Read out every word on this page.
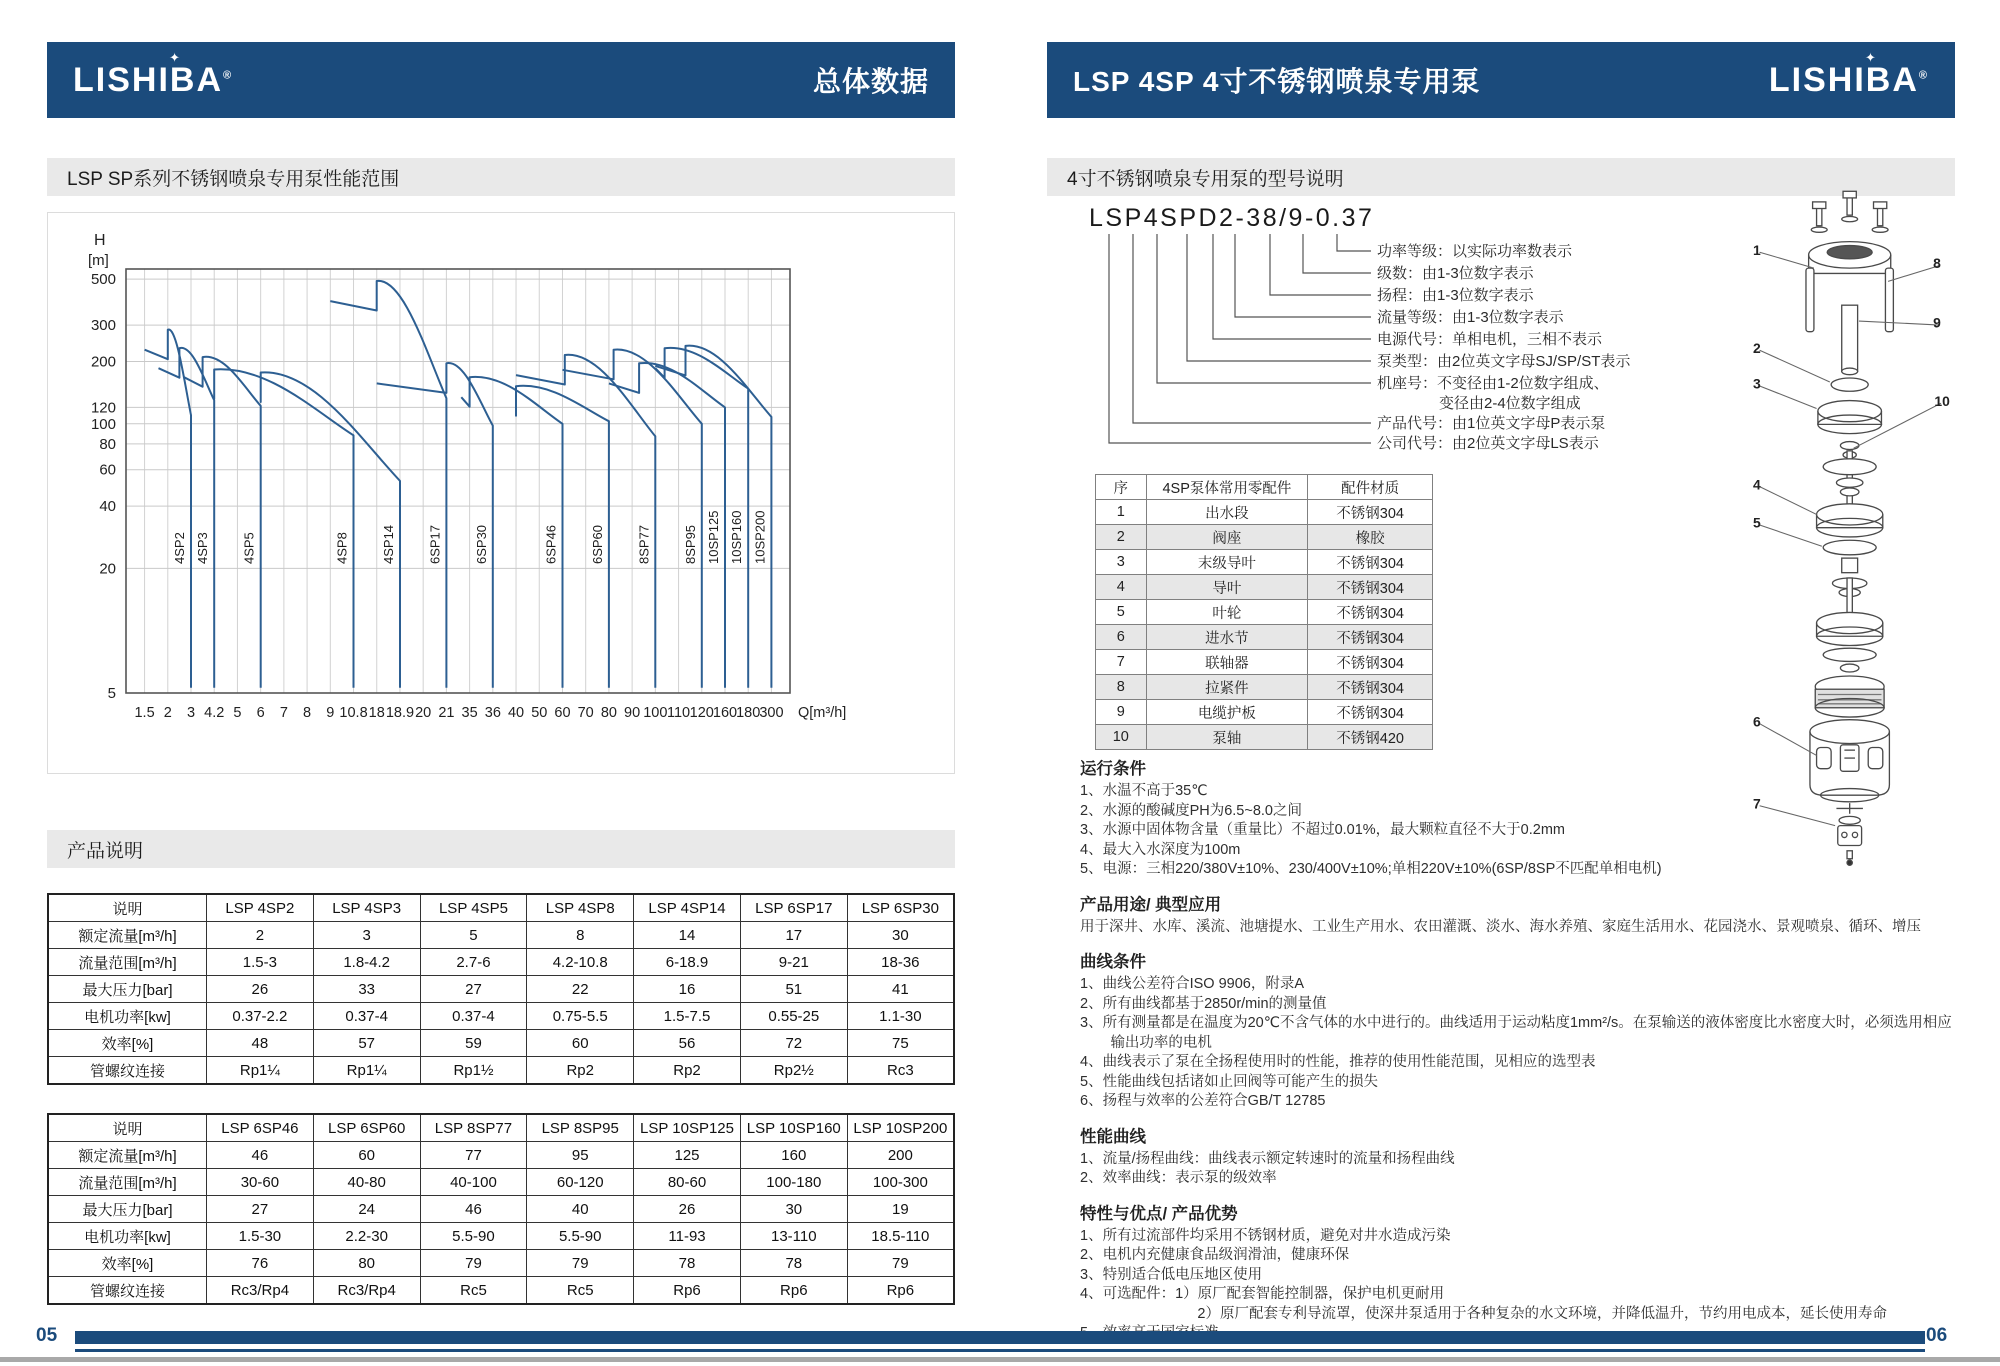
LISHIBA®
✦
总体数据	LSP 4SP 4寸不锈钢喷泉专用泵	LISHIBA®
✦
LSP SP系列不锈钢喷泉专用泵性能范围
产品说明
H
[m]
500
300
200
120
100
80
60
40
20
5
1.5 2 3 4.2 5 6 7 8 9 10.8 18 18.9 20 21 35 36 40 50 60 70 80 90 100 110 120 160 180 300 Q[m³/h]
4SP2 4SP3 4SP5	4SP8 4SP14 6SP17 6SP30	6SP46 6SP60 8SP77 8SP95 10SP125 10SP160 10SP200
说明	LSP 4SP2	LSP 4SP3	LSP 4SP5	LSP 4SP8	LSP 4SP14	LSP 6SP17	LSP 6SP30
额定流量[m³/h]	2	3	5	8	14	17	30
流量范围[m³/h]	1.5-3	1.8-4.2	2.7-6	4.2-10.8	6-18.9	9-21	18-36
最大压力[bar]	26	33	27	22	16	51	41
电机功率[kw]	0.37-2.2	0.37-4	0.37-4	0.75-5.5	1.5-7.5	0.55-25	1.1-30
效率[%]	48	57	59	60	56	72	75
管螺纹连接	Rp1¼	Rp1¼	Rp1½	Rp2	Rp2	Rp2½	Rc3
说明	LSP 6SP46	LSP 6SP60	LSP 8SP77	LSP 8SP95	LSP 10SP125	LSP 10SP160	LSP 10SP200
额定流量[m³/h]	46	60	77	95	125	160	200
流量范围[m³/h]	30-60	40-80	40-100	60-120	80-60	100-180	100-300
最大压力[bar]	27	24	46	40	26	30	19
电机功率[kw]	1.5-30	2.2-30	5.5-90	5.5-90	11-93	13-110	18.5-110
效率[%]	76	80	79	79	78	78	79
管螺纹连接	Rc3/Rp4	Rc3/Rp4	Rc5	Rc5	Rp6	Rp6	Rp6
4寸不锈钢喷泉专用泵的型号说明
LSP4SPD2-38/9-0.37
功率等级：以实际功率数表示
级数：由1-3位数字表示
扬程：由1-3位数字表示
流量等级：由1-3位数字表示
电源代号：单相电机，三相不表示
泵类型：由2位英文字母SJ/SP/ST表示
机座号：不变径由1-2位数字组成、
产品代号：由1位英文字母P表示泵
公司代号：由2位英文字母LS表示
变径由2-4位数字组成
序	4SP泵体常用零配件	配件材质
1	出水段	不锈钢304
2	阀座	橡胶
3	末级导叶	不锈钢304
4	导叶	不锈钢304
5	叶轮	不锈钢304
6	进水节	不锈钢304
7	联轴器	不锈钢304
8	拉紧件	不锈钢304
9	电缆护板	不锈钢304
10	泵轴	不锈钢420
1
8
9
2
3
10
4
5
6
7
运行条件
1、水温不高于35℃
2、水源的酸碱度PH为6.5~8.0之间
3、水源中固体物含量（重量比）不超过0.01%，最大颗粒直径不大于0.2mm
4、最大入水深度为100m
5、电源：三相220/380V±10%、230/400V±10%;单相220V±10%(6SP/8SP不匹配单相电机)
产品用途/ 典型应用
用于深井、水库、溪流、池塘提水、工业生产用水、农田灌溉、淡水、海水养殖、家庭生活用水、花园浇水、景观喷泉、循环、增压
曲线条件
1、曲线公差符合ISO 9906，附录A
2、所有曲线都基于2850r/min的测量值
3、所有测量都是在温度为20℃不含气体的水中进行的。曲线适用于运动粘度1mm²/s。在泵输送的液体密度比水密度大时，必须选用相应输出功率的电机
4、曲线表示了泵在全扬程使用时的性能，推荐的使用性能范围，见相应的选型表
5、性能曲线包括诸如止回阀等可能产生的损失
6、扬程与效率的公差符合GB/T 12785
性能曲线
1、流量/扬程曲线：曲线表示额定转速时的流量和扬程曲线
2、效率曲线：表示泵的级效率
特性与优点/ 产品优势
1、所有过流部件均采用不锈钢材质，避免对井水造成污染
2、电机内充健康食品级润滑油，健康环保
3、特别适合低电压地区使用
4、可选配件：1）原厂配套智能控制器，保护电机更耐用
　　　　　　2）原厂配套专利导流罩，使深井泵适用于各种复杂的水文环境，并降低温升，节约用电成本，延长使用寿命
05	06
